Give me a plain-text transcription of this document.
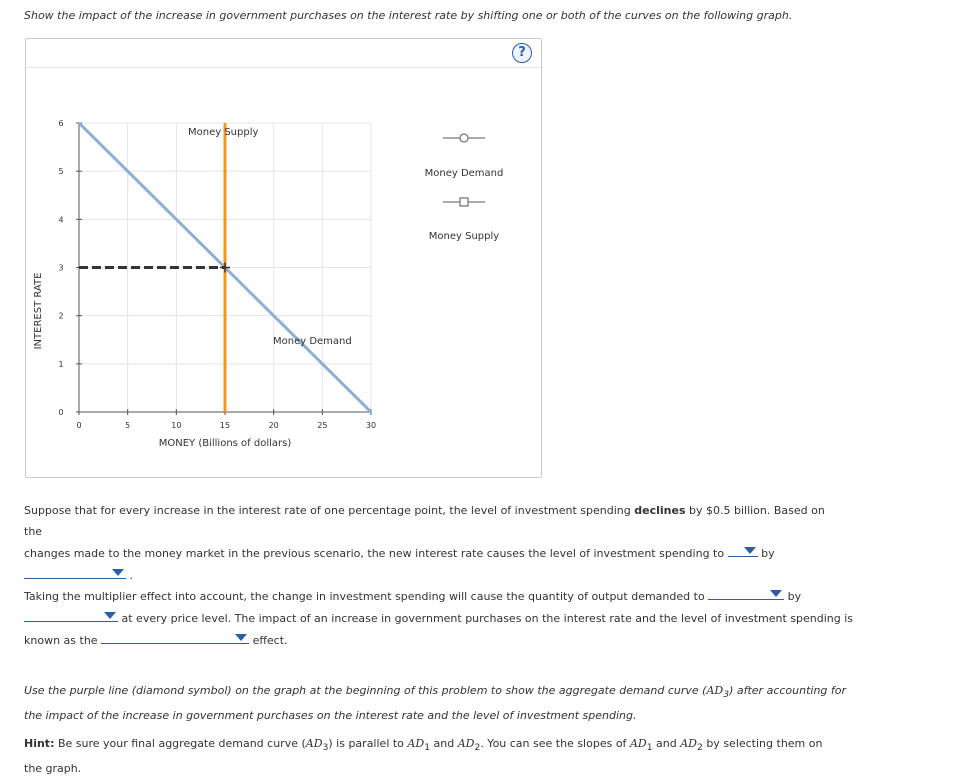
Show the impact of the increase in government purchases on the interest rate by shifting one or both of the curves on the following graph.
?
0	5	10	15	20	25	30
0
1
2
3
4
5
6
INTEREST RATE
MONEY (Billions of dollars)
Money Supply
Money Demand
Money Demand
Money Supply
Suppose that for every increase in the interest rate of one percentage point, the level of investment spending declines by $0.5 billion. Based on the
changes made to the money market in the previous scenario, the new interest rate causes the level of investment spending to	by

.
Taking the multiplier effect into account, the change in investment spending will cause the quantity of output demanded to	by

at every price level. The impact of an increase in government purchases on the interest rate and the level of investment spending is
known as the	effect.
Use the purple line (diamond symbol) on the graph at the beginning of this problem to show the aggregate demand curve $(AD_3)$ after accounting for
the impact of the increase in government purchases on the interest rate and the level of investment spending.
Hint: Be sure your final aggregate demand curve $(AD_3)$ is parallel to $AD_1$ and $AD_2$. You can see the slopes of $AD_1$ and $AD_2$ by selecting them on
the graph.
